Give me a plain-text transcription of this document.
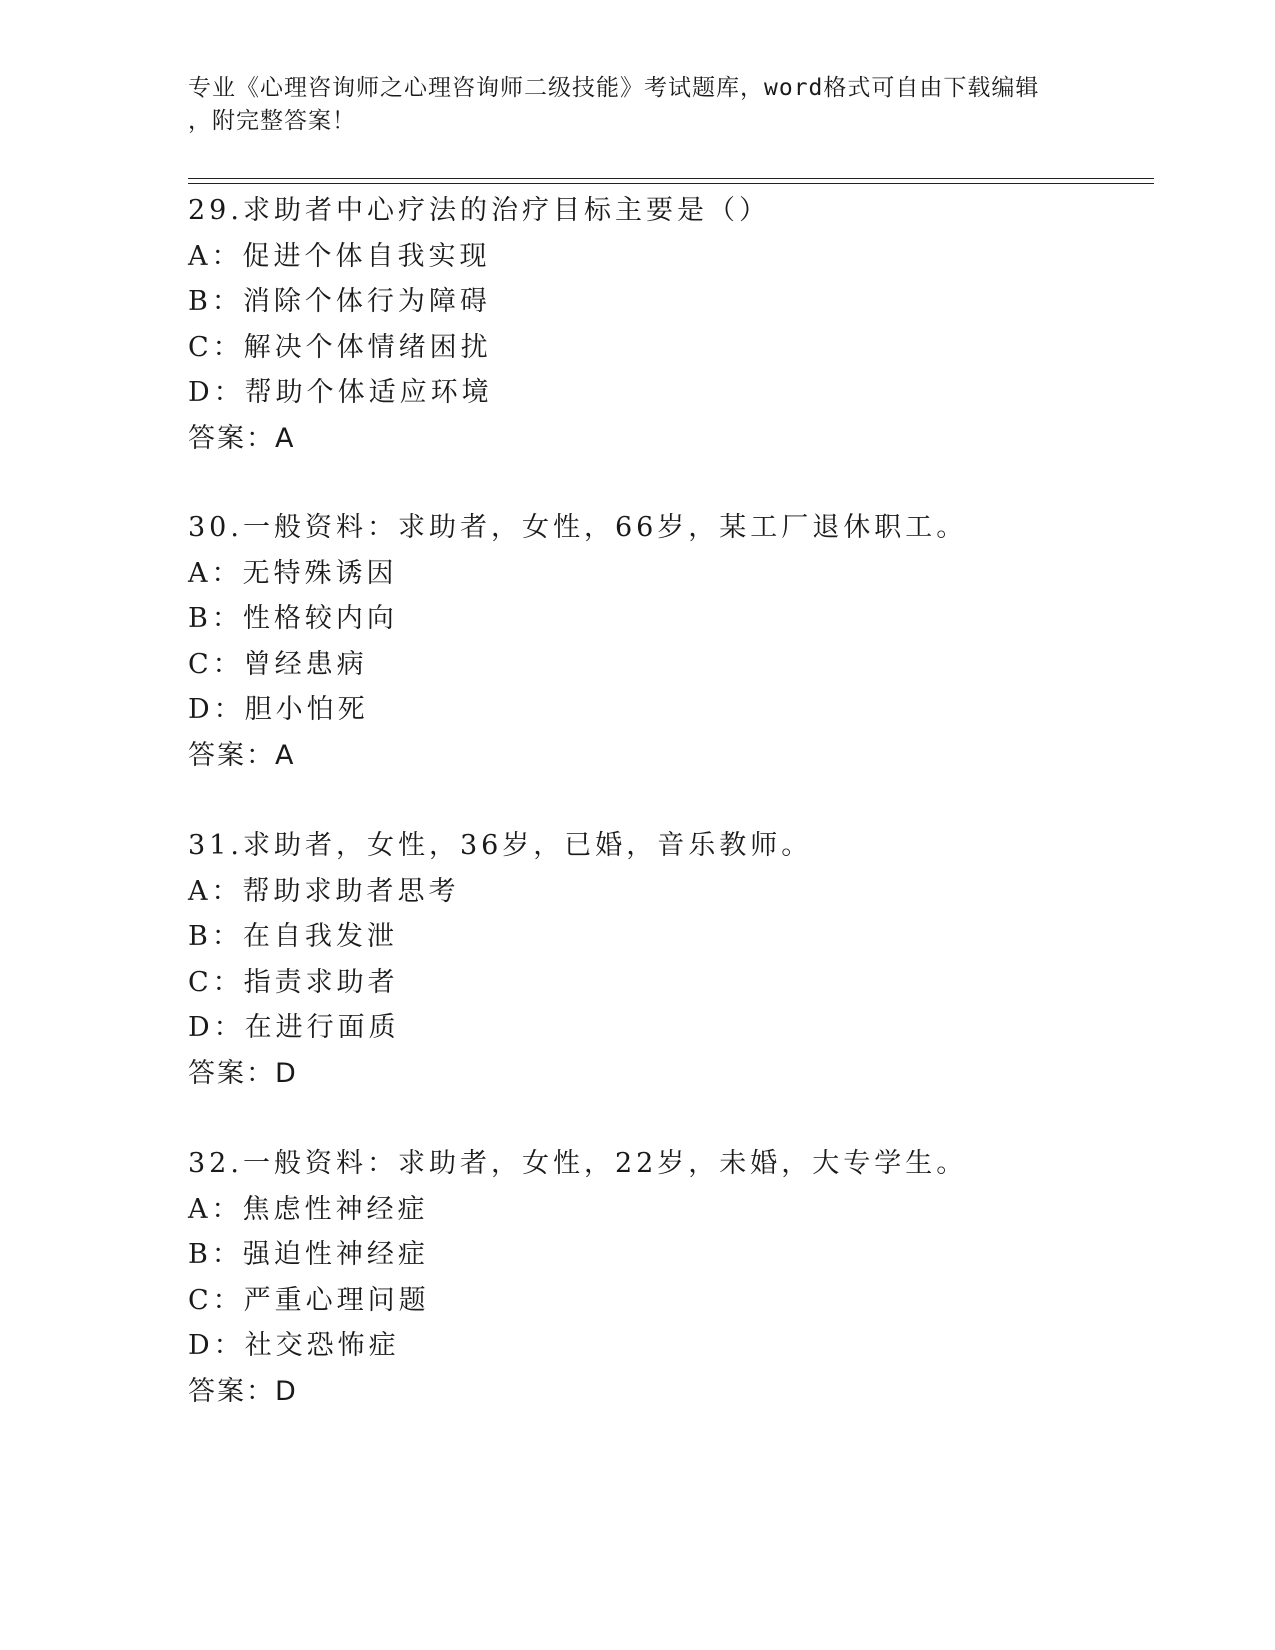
专业《心理咨询师之心理咨询师二级技能》考试题库，word格式可自由下载编辑
，附完整答案！
29.求助者中心疗法的治疗目标主要是（）
A：促进个体自我实现
B：消除个体行为障碍
C：解决个体情绪困扰
D：帮助个体适应环境
答案：A
30.一般资料：求助者，女性，66岁，某工厂退休职工。
A：无特殊诱因
B：性格较内向
C：曾经患病
D：胆小怕死
答案：A
31.求助者，女性，36岁，已婚，音乐教师。
A：帮助求助者思考
B：在自我发泄
C：指责求助者
D：在进行面质
答案：D
32.一般资料：求助者，女性，22岁，未婚，大专学生。
A：焦虑性神经症
B：强迫性神经症
C：严重心理问题
D：社交恐怖症
答案：D
